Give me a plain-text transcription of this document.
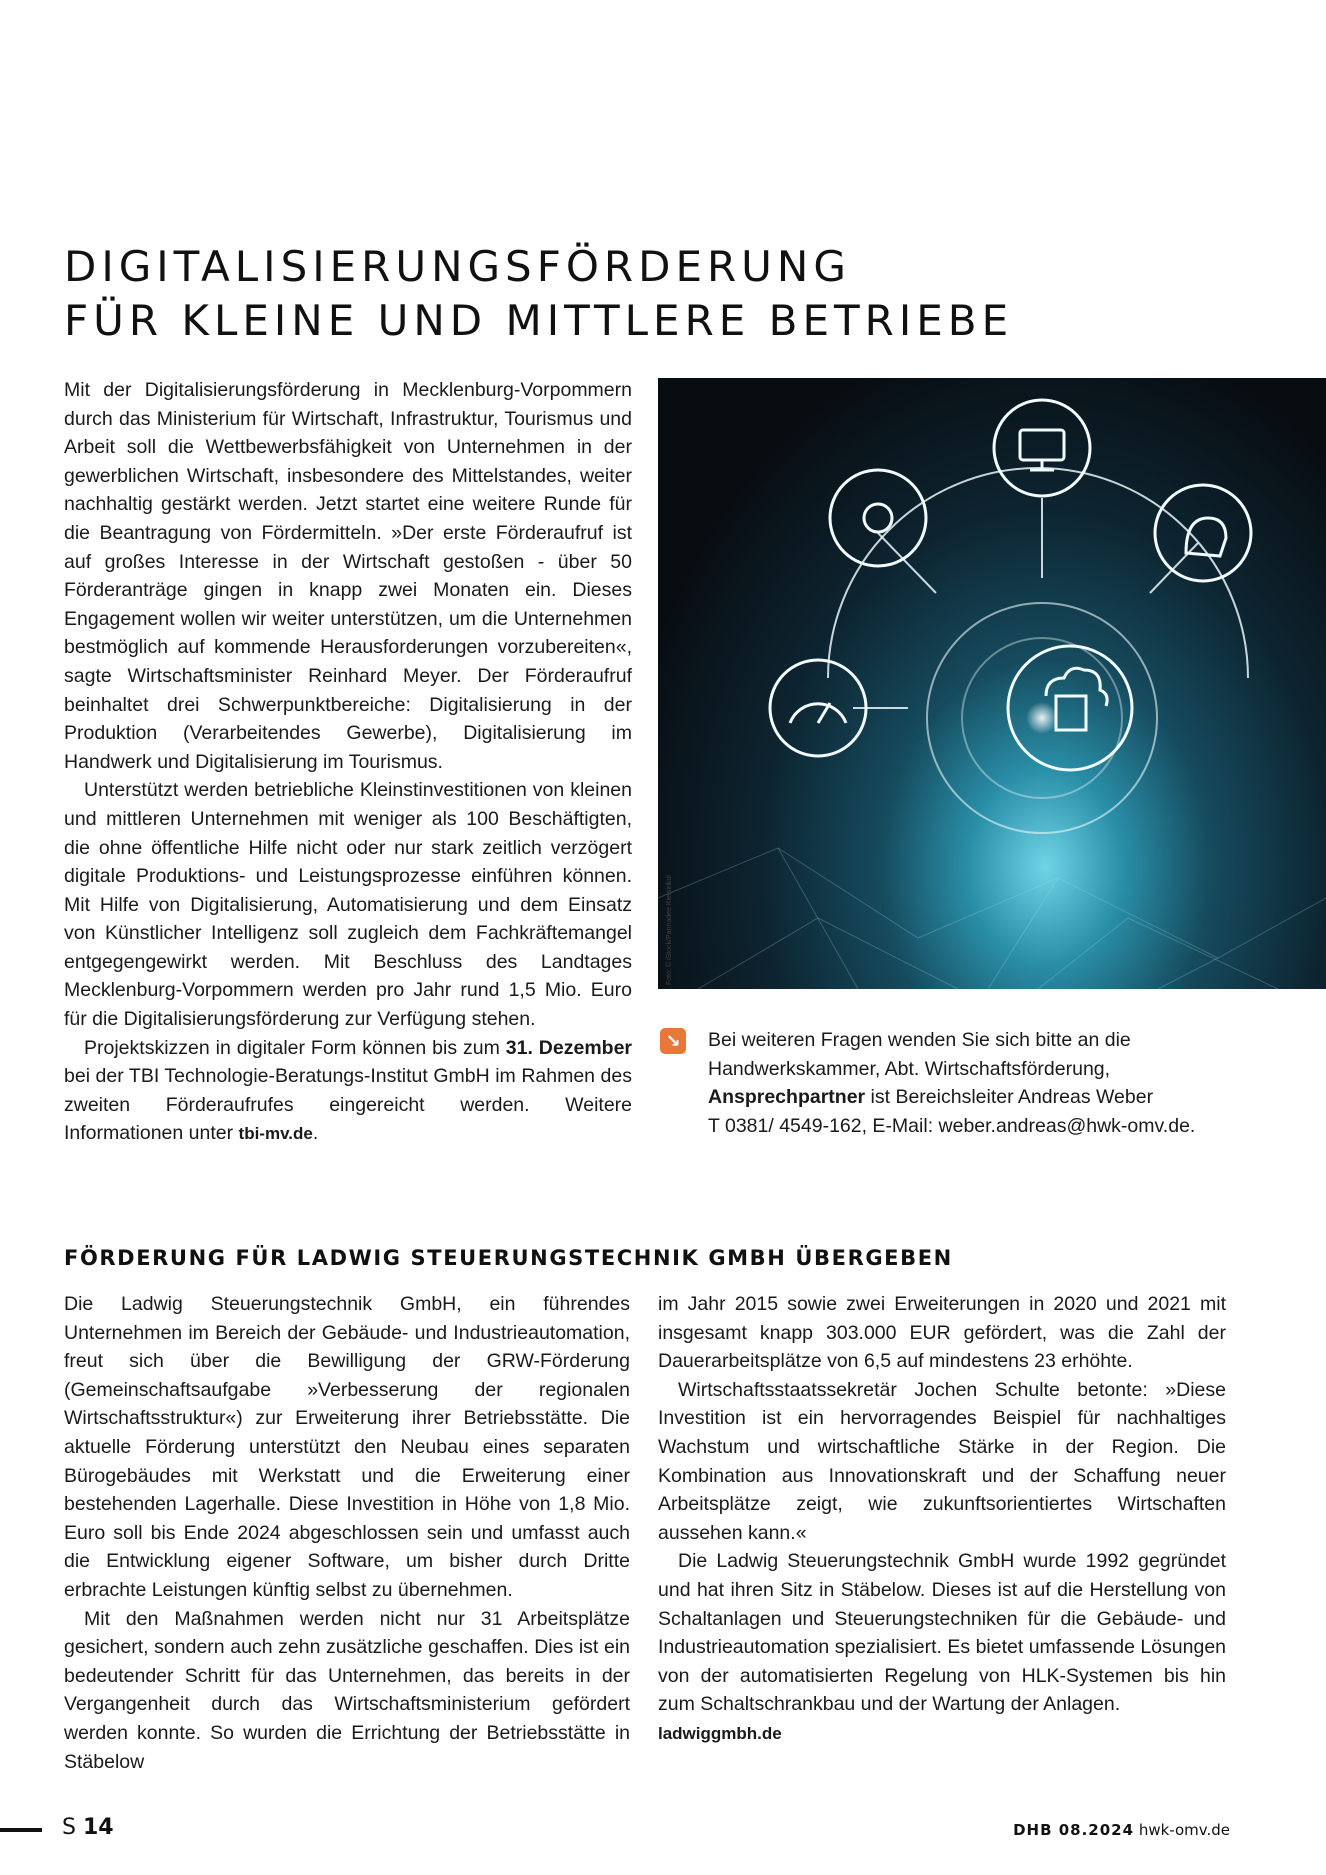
DIGITALISIERUNGSFÖRDERUNG
FÜR KLEINE UND MITTLERE BETRIEBE

Mit der Digitalisierungsförderung in Mecklenburg-Vorpommern durch das Ministerium für Wirtschaft, Infrastruktur, Tourismus und Arbeit soll die Wettbewerbsfähigkeit von Unternehmen in der gewerblichen Wirtschaft, insbesondere des Mittelstandes, weiter nachhaltig gestärkt werden. Jetzt startet eine weitere Runde für die Beantragung von Fördermitteln. »Der erste Förderaufruf ist auf großes Interesse in der Wirtschaft gestoßen - über 50 Förderanträge gingen in knapp zwei Monaten ein. Dieses Engagement wollen wir weiter unterstützen, um die Unternehmen bestmöglich auf kommende Herausforderungen vorzubereiten«, sagte Wirtschaftsminister Reinhard Meyer. Der Förderaufruf beinhaltet drei Schwerpunktbereiche: Digitalisierung in der Produktion (Verarbeitendes Gewerbe), Digitalisierung im Handwerk und Digitalisierung im Tourismus.

Unterstützt werden betriebliche Kleinstinvestitionen von kleinen und mittleren Unternehmen mit weniger als 100 Beschäftigten, die ohne öffentliche Hilfe nicht oder nur stark zeitlich verzögert digitale Produktions- und Leistungsprozesse einführen können. Mit Hilfe von Digitalisierung, Automatisierung und dem Einsatz von Künstlicher Intelligenz soll zugleich dem Fachkräftemangel entgegengewirkt werden. Mit Beschluss des Landtages Mecklenburg-Vorpommern werden pro Jahr rund 1,5 Mio. Euro für die Digitalisierungsförderung zur Verfügung stehen.

Projektskizzen in digitaler Form können bis zum 31. Dezember bei der TBI Technologie-Beratungs-Institut GmbH im Rahmen des zweiten Förderaufrufes eingereicht werden. Weitere Informationen unter tbi-mv.de.

Foto: © iStock/Pannadee Kietsirikul
↘ Bei weiteren Fragen wenden Sie sich bitte an die
Handwerkskammer, Abt. Wirtschaftsförderung,
Ansprechpartner ist Bereichsleiter Andreas Weber
T 0381/ 4549-162, E-Mail: weber.andreas@hwk-omv.de.
FÖRDERUNG FÜR LADWIG STEUERUNGSTECHNIK GMBH ÜBERGEBEN

Die Ladwig Steuerungstechnik GmbH, ein führendes Unternehmen im Bereich der Gebäude- und Industrieautomation, freut sich über die Bewilligung der GRW-Förderung (Gemeinschaftsaufgabe »Verbesserung der regionalen Wirtschaftsstruktur«) zur Erweiterung ihrer Betriebsstätte. Die aktuelle Förderung unterstützt den Neubau eines separaten Bürogebäudes mit Werkstatt und die Erweiterung einer bestehenden Lagerhalle. Diese Investition in Höhe von 1,8 Mio. Euro soll bis Ende 2024 abgeschlossen sein und umfasst auch die Entwicklung eigener Software, um bisher durch Dritte erbrachte Leistungen künftig selbst zu übernehmen.

Mit den Maßnahmen werden nicht nur 31 Arbeitsplätze gesichert, sondern auch zehn zusätzliche geschaffen. Dies ist ein bedeutender Schritt für das Unternehmen, das bereits in der Vergangenheit durch das Wirtschaftsministerium gefördert werden konnte. So wurden die Errichtung der Betriebsstätte in Stäbelow

im Jahr 2015 sowie zwei Erweiterungen in 2020 und 2021 mit insgesamt knapp 303.000 EUR gefördert, was die Zahl der Dauerarbeitsplätze von 6,5 auf mindestens 23 erhöhte.

Wirtschaftsstaatssekretär Jochen Schulte betonte: »Diese Investition ist ein hervorragendes Beispiel für nachhaltiges Wachstum und wirtschaftliche Stärke in der Region. Die Kombination aus Innovationskraft und der Schaffung neuer Arbeitsplätze zeigt, wie zukunftsorientiertes Wirtschaften aussehen kann.«

Die Ladwig Steuerungstechnik GmbH wurde 1992 gegründet und hat ihren Sitz in Stäbelow. Dieses ist auf die Herstellung von Schaltanlagen und Steuerungstechniken für die Gebäude- und Industrieautomation spezialisiert. Es bietet umfassende Lösungen von der automatisierten Regelung von HLK-Systemen bis hin zum Schaltschrankbau und der Wartung der Anlagen.

ladwiggmbh.de
S 14	DHB 08.2024 hwk-omv.de
